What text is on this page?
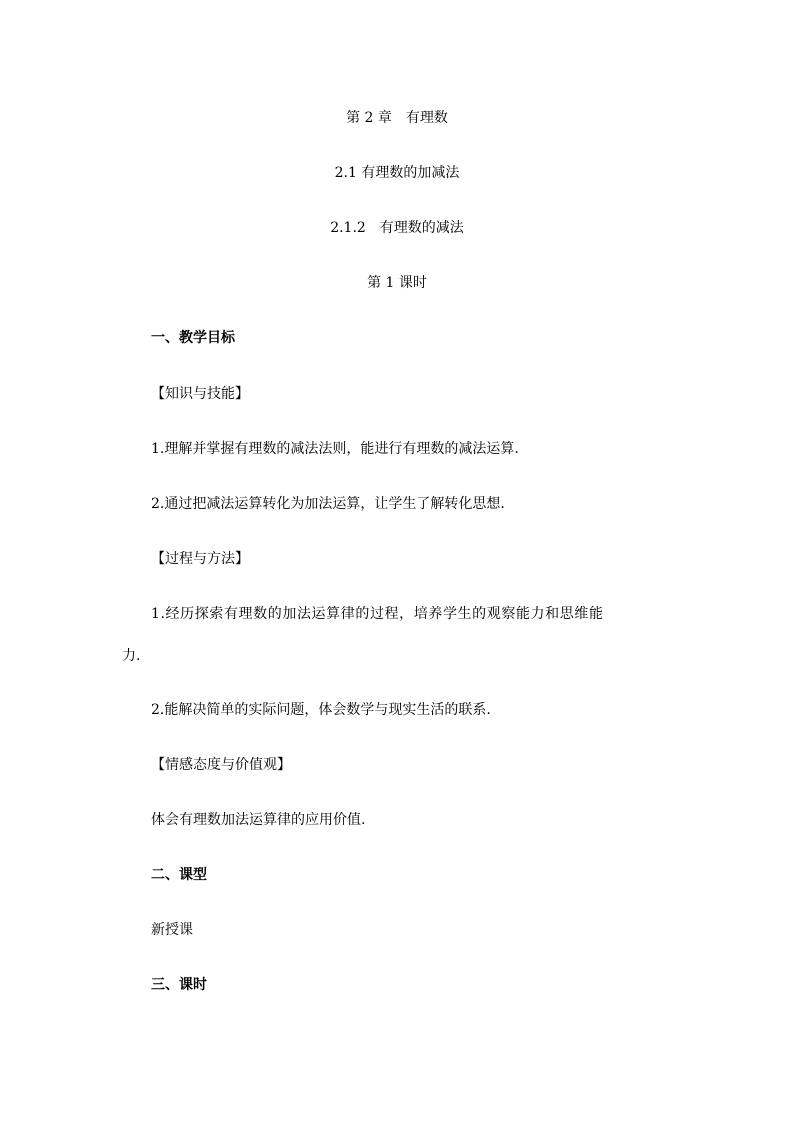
第 2 章　有理数
2.1 有理数的加减法
2.1.2　有理数的减法
第 1 课时
一、教学目标
【知识与技能】
1.理解并掌握有理数的减法法则，能进行有理数的减法运算.
2.通过把减法运算转化为加法运算，让学生了解转化思想.
【过程与方法】
1.经历探索有理数的加法运算律的过程，培养学生的观察能力和思维能
力.
2.能解决简单的实际问题，体会数学与现实生活的联系.
【情感态度与价值观】
体会有理数加法运算律的应用价值.
二、课型
新授课
三、课时
